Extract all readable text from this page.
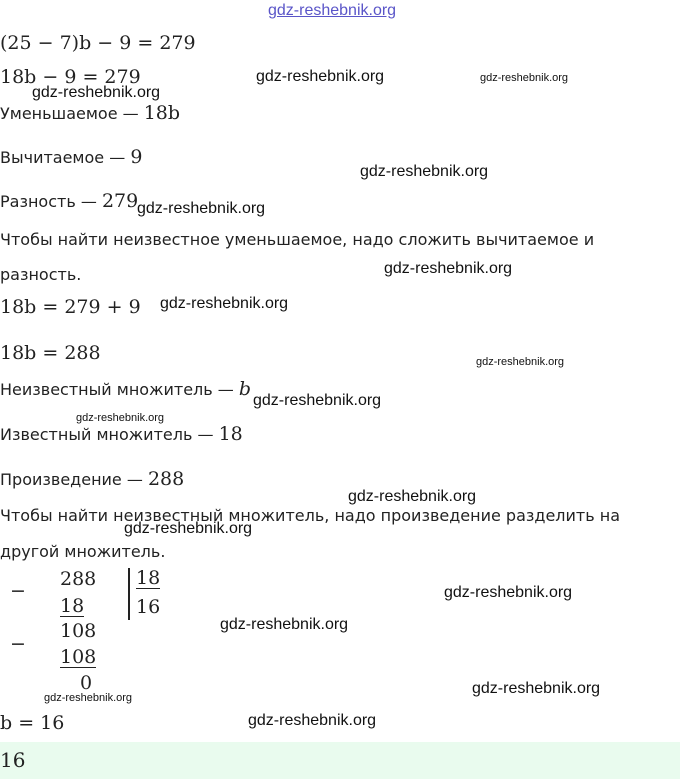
gdz-reshebnik.org
gdz-reshebnik.org	gdz-reshebnik.org
gdz-reshebnik.org
gdz-reshebnik.org
gdz-reshebnik.org
gdz-reshebnik.org
gdz-reshebnik.org
gdz-reshebnik.org
gdz-reshebnik.org
gdz-reshebnik.org
gdz-reshebnik.org
gdz-reshebnik.org
gdz-reshebnik.org
gdz-reshebnik.org
gdz-reshebnik.org
gdz-reshebnik.org
gdz-reshebnik.org
(25 − 7)b − 9 = 279
18b − 9 = 279
Уменьшаемое — 18b
Вычитаемое — 9
Разность — 279
Чтобы найти неизвестное уменьшаемое, надо сложить вычитаемое и
разность.
18b = 279 + 9
18b = 288
Неизвестный множитель — b
Известный множитель — 18
Произведение — 288
Чтобы найти неизвестный множитель, надо произведение разделить на
другой множитель.
−
288
18
18
16
108
−
108
0
b = 16
16
